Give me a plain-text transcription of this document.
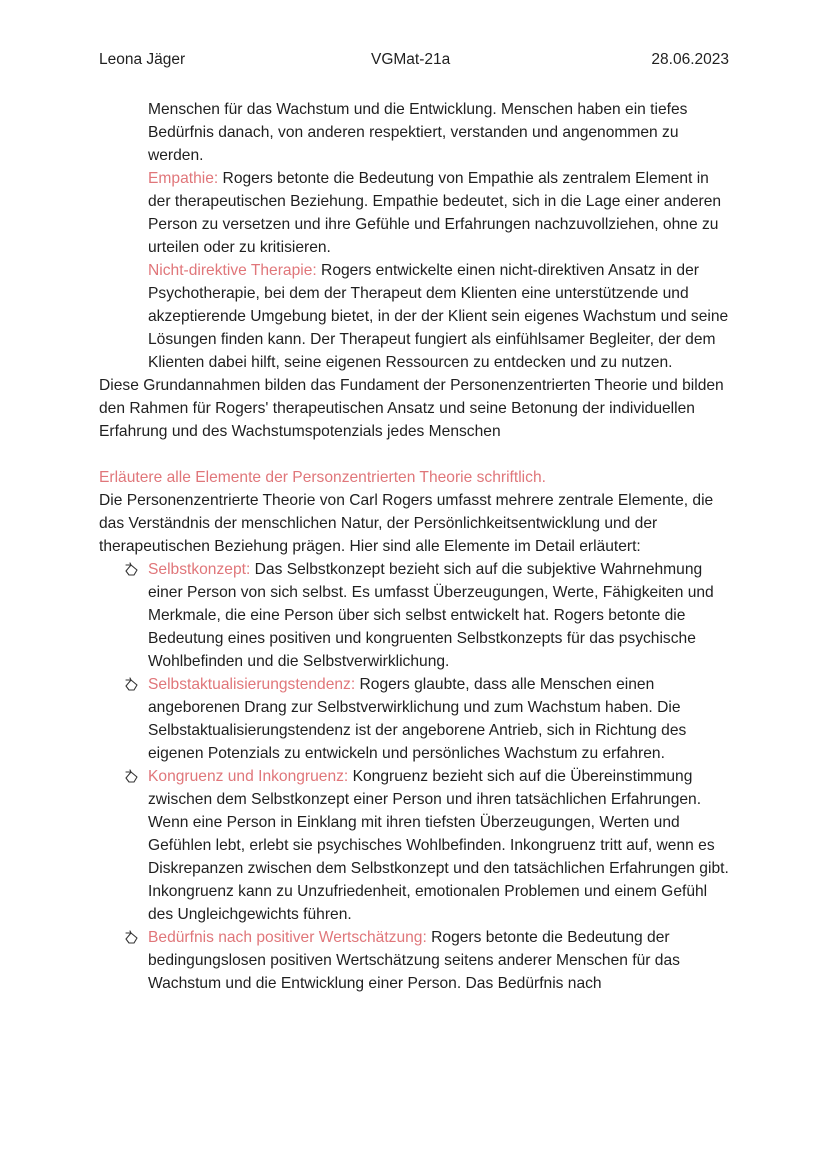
Leona Jäger	VGMat-21a	28.06.2023

Menschen für das Wachstum und die Entwicklung. Menschen haben ein tiefes Bedürfnis danach, von anderen respektiert, verstanden und angenommen zu werden.

Empathie: Rogers betonte die Bedeutung von Empathie als zentralem Element in der therapeutischen Beziehung. Empathie bedeutet, sich in die Lage einer anderen Person zu versetzen und ihre Gefühle und Erfahrungen nachzuvollziehen, ohne zu urteilen oder zu kritisieren.

Nicht-direktive Therapie: Rogers entwickelte einen nicht-direktiven Ansatz in der Psychotherapie, bei dem der Therapeut dem Klienten eine unterstützende und akzeptierende Umgebung bietet, in der der Klient sein eigenes Wachstum und seine Lösungen finden kann. Der Therapeut fungiert als einfühlsamer Begleiter, der dem Klienten dabei hilft, seine eigenen Ressourcen zu entdecken und zu nutzen.

Diese Grundannahmen bilden das Fundament der Personenzentrierten Theorie und bilden den Rahmen für Rogers' therapeutischen Ansatz und seine Betonung der individuellen Erfahrung und des Wachstumspotenzials jedes Menschen

Erläutere alle Elemente der Personzentrierten Theorie schriftlich.

Die Personenzentrierte Theorie von Carl Rogers umfasst mehrere zentrale Elemente, die das Verständnis der menschlichen Natur, der Persönlichkeitsentwicklung und der therapeutischen Beziehung prägen. Hier sind alle Elemente im Detail erläutert:

Selbstkonzept: Das Selbstkonzept bezieht sich auf die subjektive Wahrnehmung einer Person von sich selbst. Es umfasst Überzeugungen, Werte, Fähigkeiten und Merkmale, die eine Person über sich selbst entwickelt hat. Rogers betonte die Bedeutung eines positiven und kongruenten Selbstkonzepts für das psychische Wohlbefinden und die Selbstverwirklichung.
Selbstaktualisierungstendenz: Rogers glaubte, dass alle Menschen einen angeborenen Drang zur Selbstverwirklichung und zum Wachstum haben. Die Selbstaktualisierungstendenz ist der angeborene Antrieb, sich in Richtung des eigenen Potenzials zu entwickeln und persönliches Wachstum zu erfahren.
Kongruenz und Inkongruenz: Kongruenz bezieht sich auf die Übereinstimmung zwischen dem Selbstkonzept einer Person und ihren tatsächlichen Erfahrungen. Wenn eine Person in Einklang mit ihren tiefsten Überzeugungen, Werten und Gefühlen lebt, erlebt sie psychisches Wohlbefinden. Inkongruenz tritt auf, wenn es Diskrepanzen zwischen dem Selbstkonzept und den tatsächlichen Erfahrungen gibt. Inkongruenz kann zu Unzufriedenheit, emotionalen Problemen und einem Gefühl des Ungleichgewichts führen.
Bedürfnis nach positiver Wertschätzung: Rogers betonte die Bedeutung der bedingungslosen positiven Wertschätzung seitens anderer Menschen für das Wachstum und die Entwicklung einer Person. Das Bedürfnis nach
